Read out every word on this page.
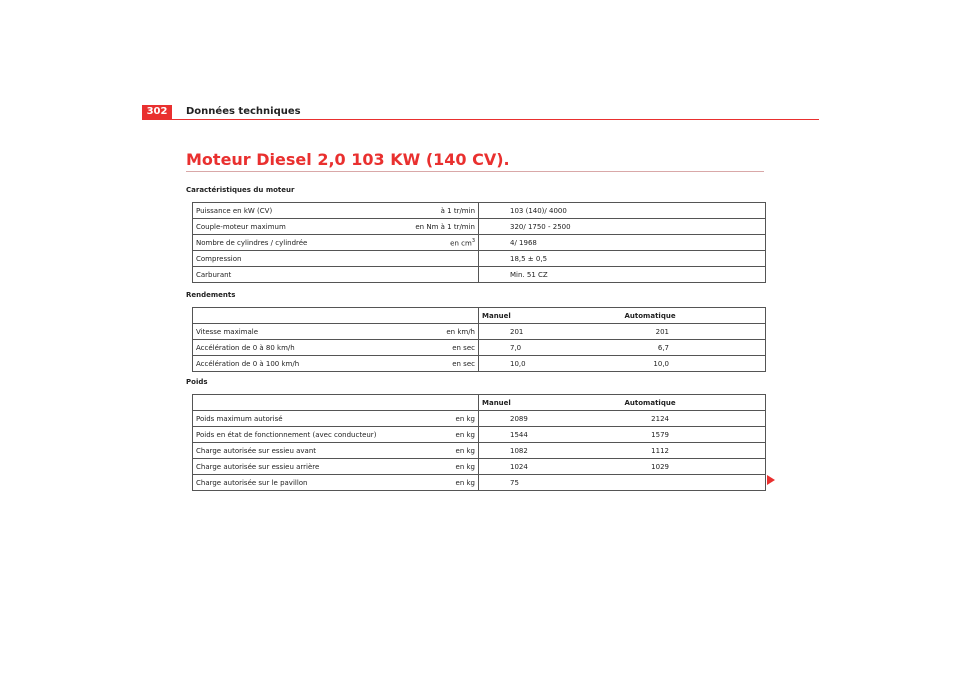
302	Données techniques
Moteur Diesel 2,0 103 KW (140 CV).
Caractéristiques du moteur
Puissance en kW (CV)	à 1 tr/min	103 (140)/ 4000
Couple-moteur maximum	en Nm à 1 tr/min	320/ 1750 - 2500
Nombre de cylindres / cylindrée	en $cm^3$	4/ 1968
Compression		18,5 ± 0,5
Carburant		Min. 51 CZ
Rendements
		Manuel	Automatique
Vitesse maximale	en km/h	201	201
Accélération de 0 à 80 km/h	en sec	7,0	6,7
Accélération de 0 à 100 km/h	en sec	10,0	10,0
Poids
		Manuel	Automatique
Poids maximum autorisé	en kg	2089	2124
Poids en état de fonctionnement (avec conducteur)	en kg	1544	1579
Charge autorisée sur essieu avant	en kg	1082	1112
Charge autorisée sur essieu arrière	en kg	1024	1029
Charge autorisée sur le pavillon	en kg	75	
